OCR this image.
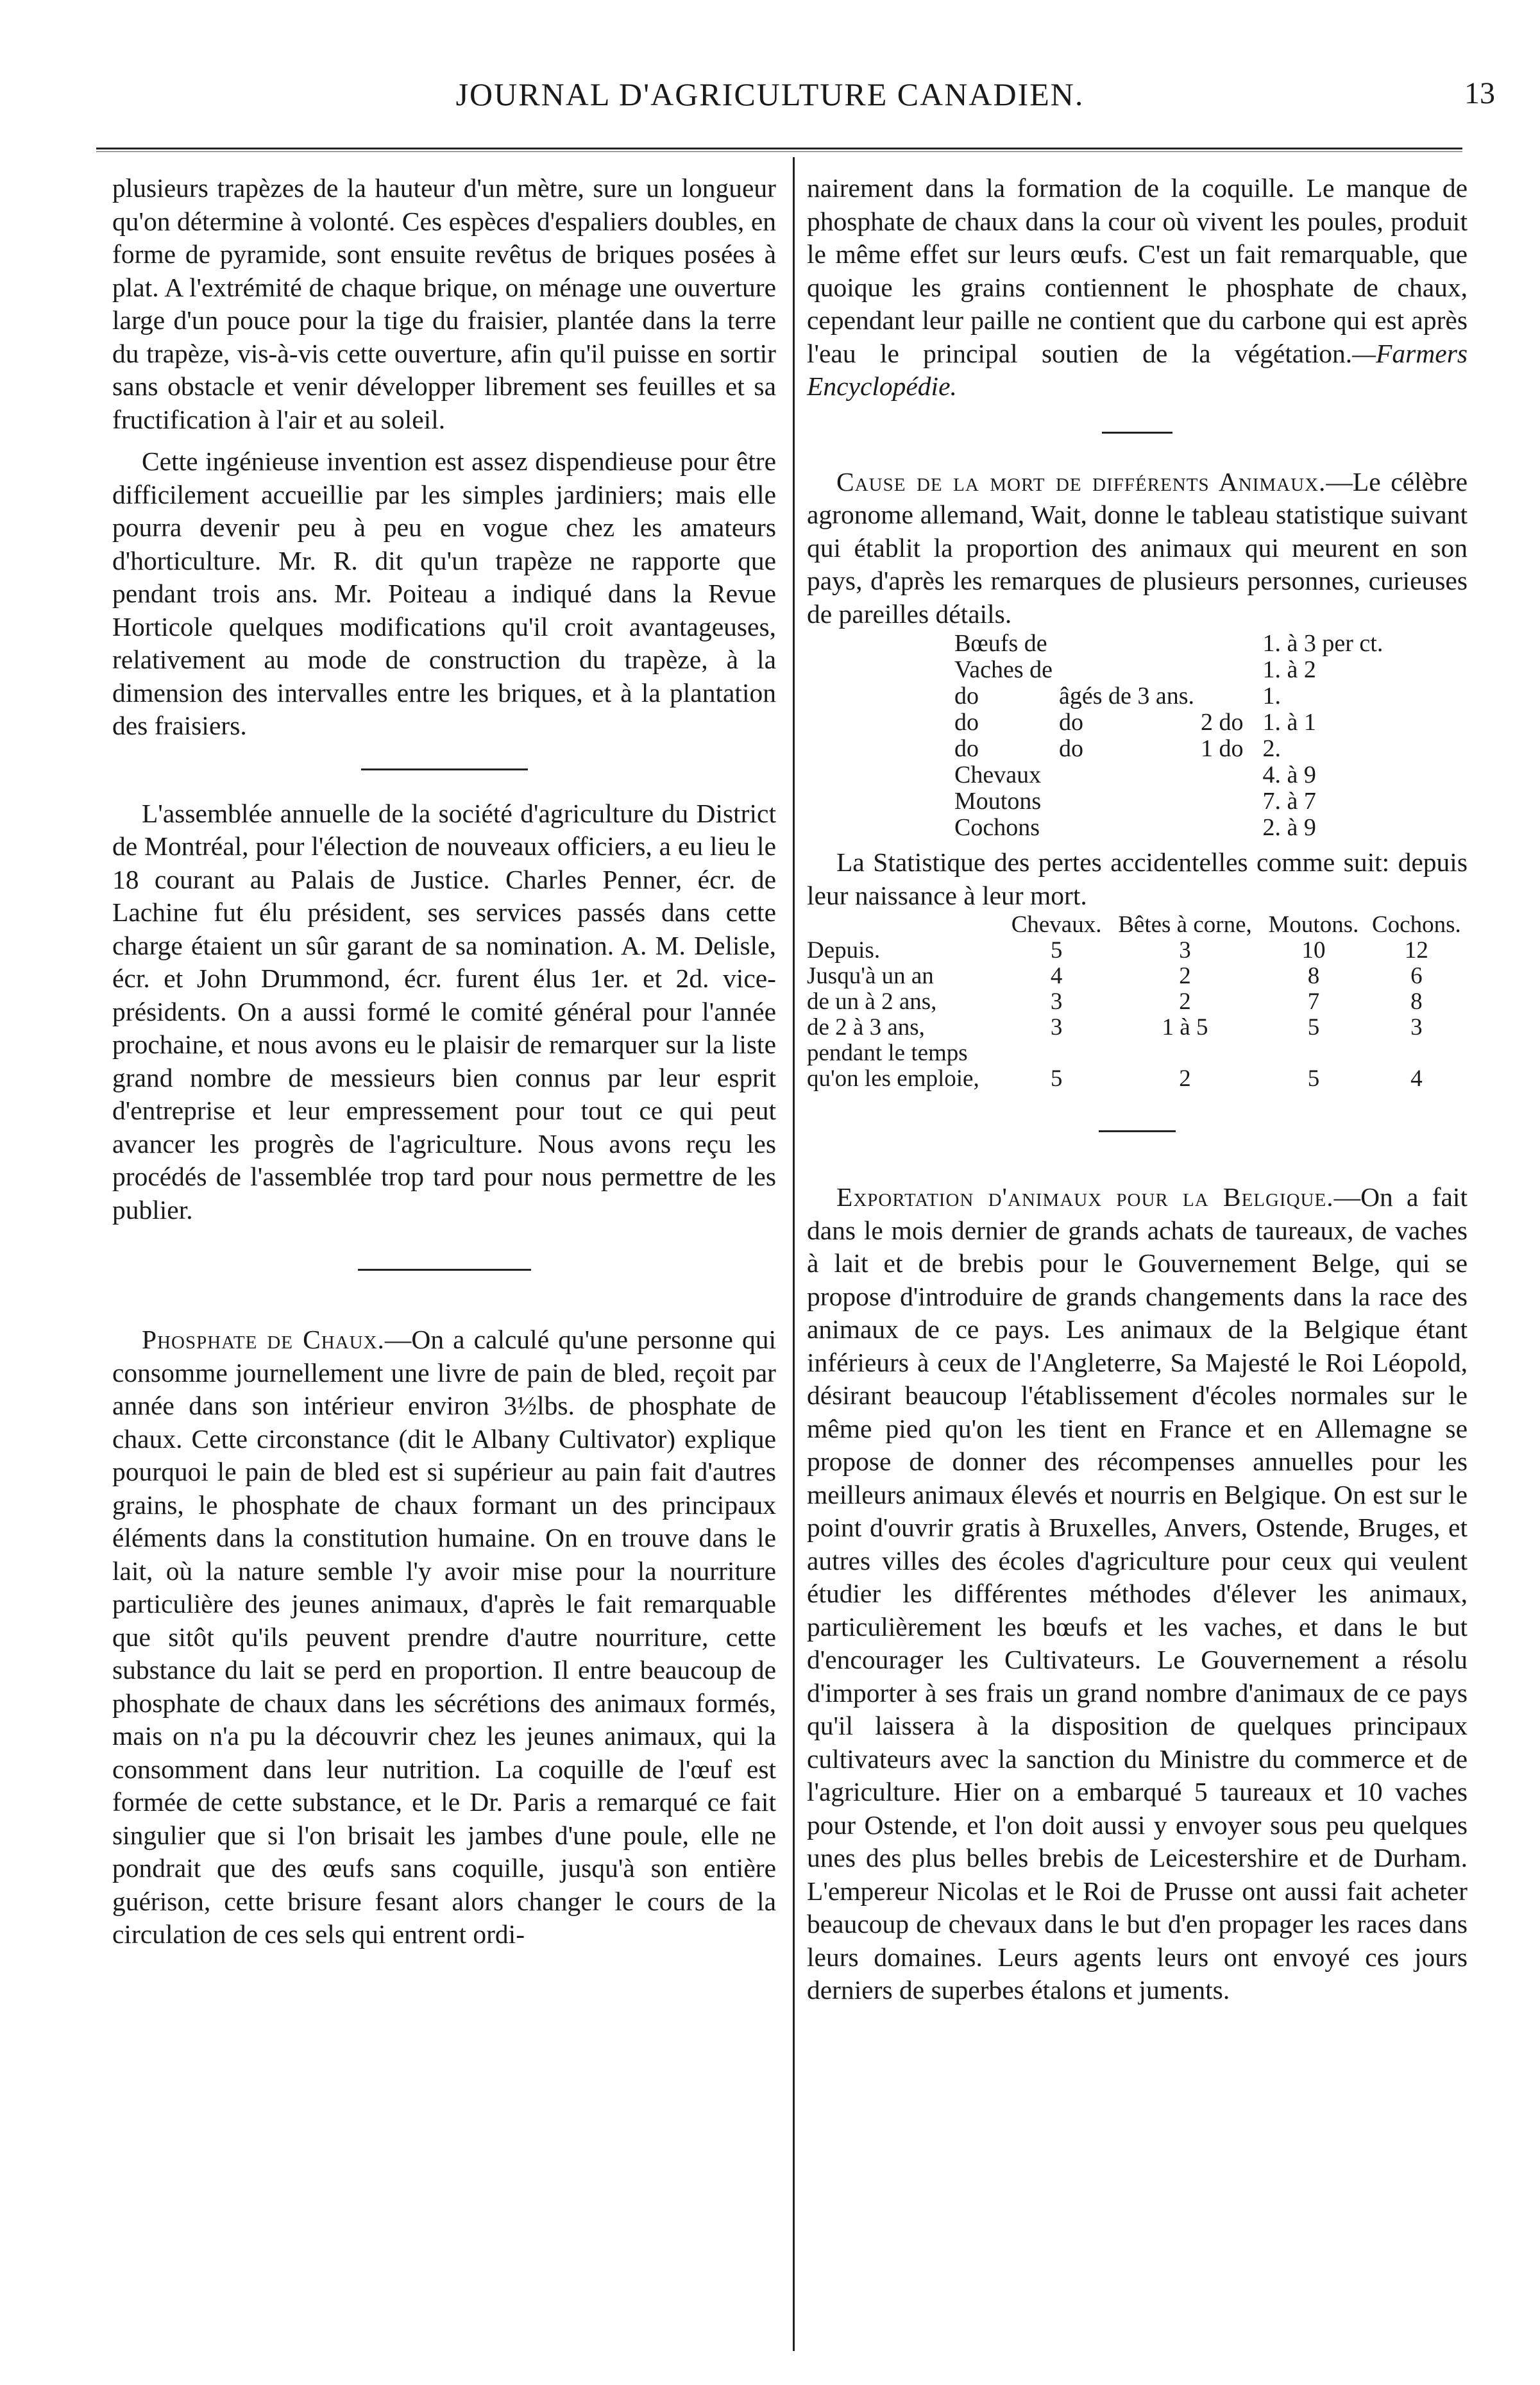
JOURNAL D'AGRICULTURE CANADIEN.	13

plusieurs trapèzes de la hauteur d'un mètre, sure un longueur qu'on détermine à volonté. Ces espèces d'espaliers doubles, en forme de pyramide, sont ensuite revêtus de briques posées à plat. A l'extrémité de chaque brique, on ménage une ouverture large d'un pouce pour la tige du fraisier, plantée dans la terre du trapèze, vis-à-vis cette ouverture, afin qu'il puisse en sortir sans obstacle et venir développer librement ses feuilles et sa fructification à l'air et au soleil.

Cette ingénieuse invention est assez dispendieuse pour être difficilement accueillie par les simples jardiniers; mais elle pourra devenir peu à peu en vogue chez les amateurs d'horticulture. Mr. R. dit qu'un trapèze ne rapporte que pendant trois ans. Mr. Poiteau a indiqué dans la Revue Horticole quelques modifications qu'il croit avantageuses, relativement au mode de construction du trapèze, à la dimension des intervalles entre les briques, et à la plantation des fraisiers.

L'assemblée annuelle de la société d'agriculture du District de Montréal, pour l'élection de nouveaux officiers, a eu lieu le 18 courant au Palais de Justice. Charles Penner, écr. de Lachine fut élu président, ses services passés dans cette charge étaient un sûr garant de sa nomination. A. M. Delisle, écr. et John Drummond, écr. furent élus 1er. et 2d. vice-présidents. On a aussi formé le comité général pour l'année prochaine, et nous avons eu le plaisir de remarquer sur la liste grand nombre de messieurs bien connus par leur esprit d'entreprise et leur empressement pour tout ce qui peut avancer les progrès de l'agriculture. Nous avons reçu les procédés de l'assemblée trop tard pour nous permettre de les publier.

Phosphate de Chaux.—On a calculé qu'une personne qui consomme journellement une livre de pain de bled, reçoit par année dans son intérieur environ 3½lbs. de phosphate de chaux. Cette circonstance (dit le Albany Cultivator) explique pourquoi le pain de bled est si supérieur au pain fait d'autres grains, le phosphate de chaux formant un des principaux éléments dans la constitution humaine. On en trouve dans le lait, où la nature semble l'y avoir mise pour la nourriture particulière des jeunes animaux, d'après le fait remarquable que sitôt qu'ils peuvent prendre d'autre nourriture, cette substance du lait se perd en proportion. Il entre beaucoup de phosphate de chaux dans les sécrétions des animaux formés, mais on n'a pu la découvrir chez les jeunes animaux, qui la consomment dans leur nutrition. La coquille de l'œuf est formée de cette substance, et le Dr. Paris a remarqué ce fait singulier que si l'on brisait les jambes d'une poule, elle ne pondrait que des œufs sans coquille, jusqu'à son entière guérison, cette brisure fesant alors changer le cours de la circulation de ces sels qui entrent ordi-

nairement dans la formation de la coquille. Le manque de phosphate de chaux dans la cour où vivent les poules, produit le même effet sur leurs œufs. C'est un fait remarquable, que quoique les grains contiennent le phosphate de chaux, cependant leur paille ne contient que du carbone qui est après l'eau le principal soutien de la végétation.—Farmers Encyclopédie.

Cause de la mort de différents Animaux.—Le célèbre agronome allemand, Wait, donne le tableau statistique suivant qui établit la proportion des animaux qui meurent en son pays, d'après les remarques de plusieurs personnes, curieuses de pareilles détails.

Bœufs de			1. à 3 per ct.
Vaches de			1. à 2
do	âgés de 3 ans.		1.
do	do	2 do	1. à 1
do	do	1 do	2.
Chevaux			4. à 9
Moutons			7. à 7
Cochons			2. à 9

La Statistique des pertes accidentelles comme suit: depuis leur naissance à leur mort.

	Chevaux.	Bêtes à corne,	Moutons.	Cochons.
Depuis.	5	3	10	12
Jusqu'à un an	4	2	8	6
de un à 2 ans,	3	2	7	8
de 2 à 3 ans,	3	1 à 5	5	3
pendant le temps				
qu'on les emploie,	5	2	5	4

Exportation d'animaux pour la Belgique.—On a fait dans le mois dernier de grands achats de taureaux, de vaches à lait et de brebis pour le Gouvernement Belge, qui se propose d'introduire de grands changements dans la race des animaux de ce pays. Les animaux de la Belgique étant inférieurs à ceux de l'Angleterre, Sa Majesté le Roi Léopold, désirant beaucoup l'établissement d'écoles normales sur le même pied qu'on les tient en France et en Allemagne se propose de donner des récompenses annuelles pour les meilleurs animaux élevés et nourris en Belgique. On est sur le point d'ouvrir gratis à Bruxelles, Anvers, Ostende, Bruges, et autres villes des écoles d'agriculture pour ceux qui veulent étudier les différentes méthodes d'élever les animaux, particulièrement les bœufs et les vaches, et dans le but d'encourager les Cultivateurs. Le Gouvernement a résolu d'importer à ses frais un grand nombre d'animaux de ce pays qu'il laissera à la disposition de quelques principaux cultivateurs avec la sanction du Ministre du commerce et de l'agriculture. Hier on a embarqué 5 taureaux et 10 vaches pour Ostende, et l'on doit aussi y envoyer sous peu quelques unes des plus belles brebis de Leicestershire et de Durham. L'empereur Nicolas et le Roi de Prusse ont aussi fait acheter beaucoup de chevaux dans le but d'en propager les races dans leurs domaines. Leurs agents leurs ont envoyé ces jours derniers de superbes étalons et juments.
